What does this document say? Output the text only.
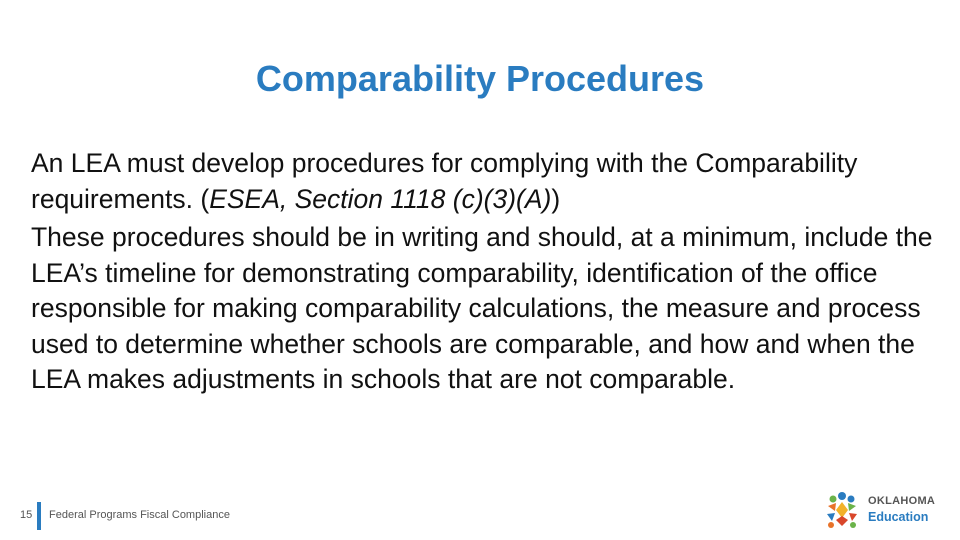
Comparability Procedures

An LEA must develop procedures for complying with the Comparability requirements. (ESEA, Section 1118 (c)(3)(A))

These procedures should be in writing and should, at a minimum, include the LEA’s timeline for demonstrating comparability, identification of the office responsible for making comparability calculations, the measure and process used to determine whether schools are comparable, and how and when the LEA makes adjustments in schools that are not comparable.

15 Federal Programs Fiscal Compliance
OKLAHOMA
Education
